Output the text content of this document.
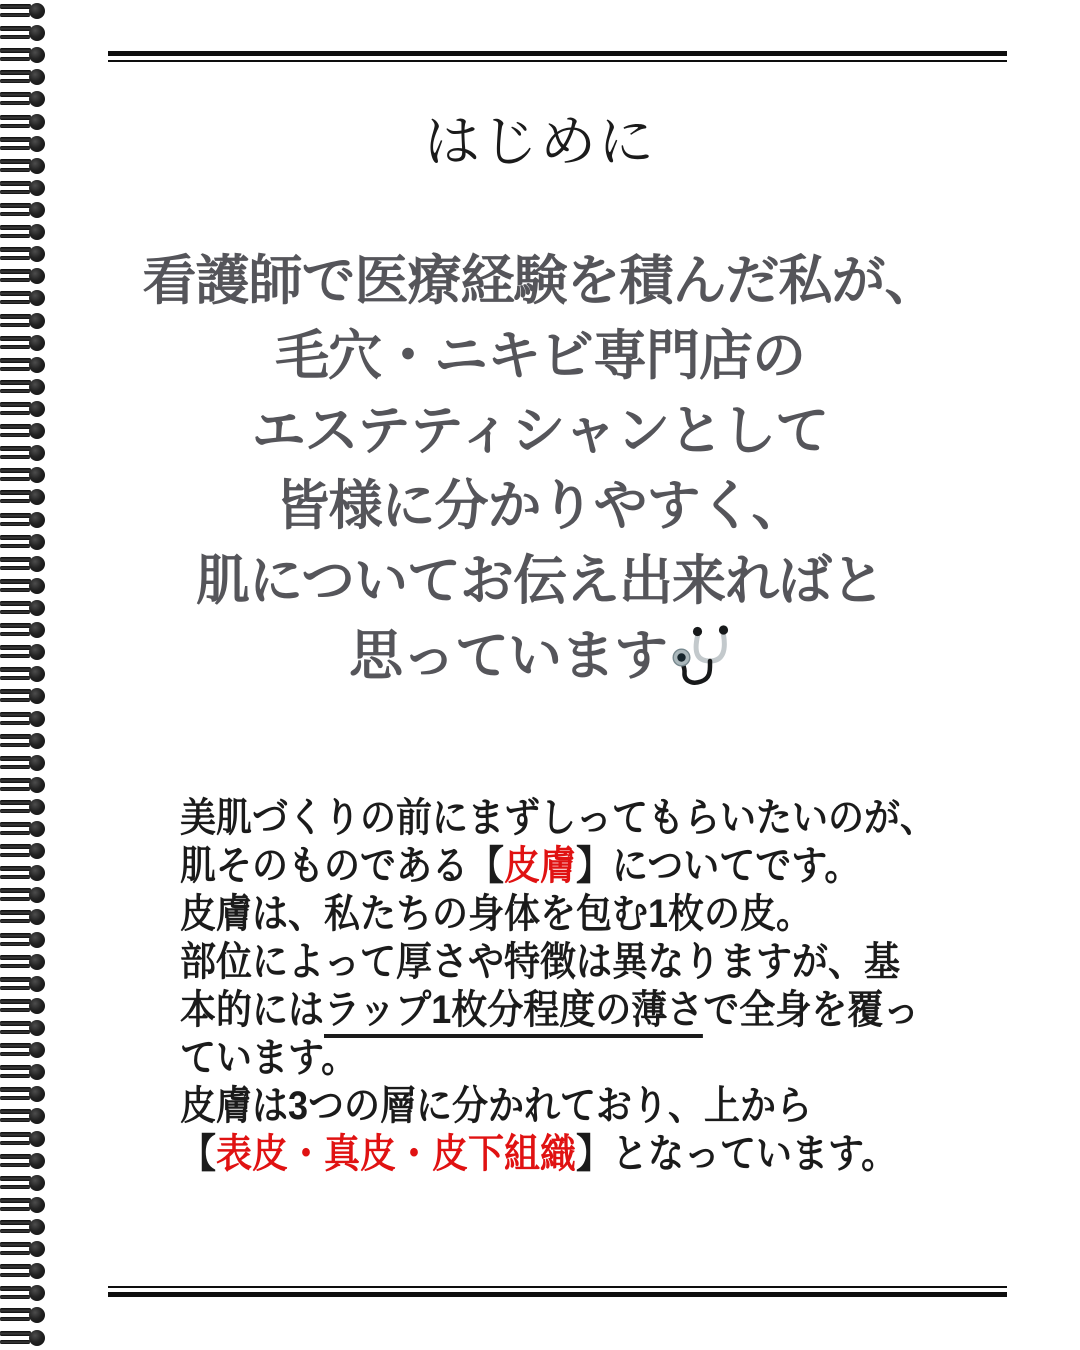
はじめに
看護師で医療経験を積んだ私が、
毛穴・ニキビ専門店の
エステティシャンとして
皆様に分かりやすく、
肌についてお伝え出来ればと
思っています
美肌づくりの前にまずしってもらいたいのが、
肌そのものである【皮膚】についてです。
皮膚は、私たちの身体を包む1枚の皮。
部位によって厚さや特徴は異なりますが、基
本的にはラップ1枚分程度の薄さで全身を覆っ
ています。
皮膚は3つの層に分かれており、上から
【表皮・真皮・皮下組織】となっています。
